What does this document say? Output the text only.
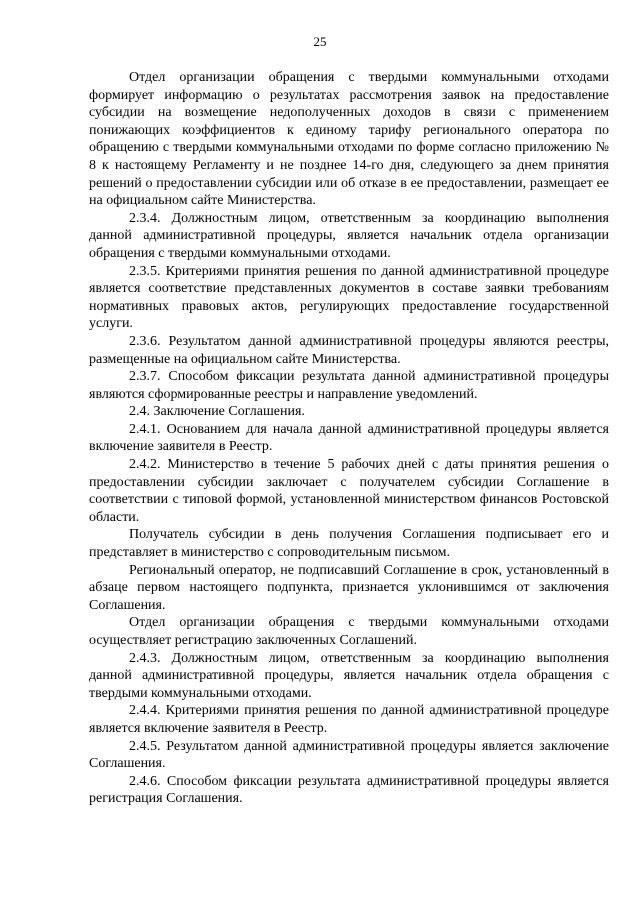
25

Отдел организации обращения с твердыми коммунальными отходами формирует информацию о результатах рассмотрения заявок на предоставление субсидии на возмещение недополученных доходов в связи с применением понижающих коэффициентов к единому тарифу регионального оператора по обращению с твердыми коммунальными отходами по форме согласно приложению № 8 к настоящему Регламенту и не позднее 14-го дня, следующего за днем принятия решений о предоставлении субсидии или об отказе в ее предоставлении, размещает ее на официальном сайте Министерства.

2.3.4. Должностным лицом, ответственным за координацию выполнения данной административной процедуры, является начальник отдела организации обращения с твердыми коммунальными отходами.

2.3.5. Критериями принятия решения по данной административной процедуре является соответствие представленных документов в составе заявки требованиям нормативных правовых актов, регулирующих предоставление государственной услуги.

2.3.6. Результатом данной административной процедуры являются реестры, размещенные на официальном сайте Министерства.

2.3.7. Способом фиксации результата данной административной процедуры являются сформированные реестры и направление уведомлений.

2.4. Заключение Соглашения.

2.4.1. Основанием для начала данной административной процедуры является включение заявителя в Реестр.

2.4.2. Министерство в течение 5 рабочих дней с даты принятия решения о предоставлении субсидии заключает с получателем субсидии Соглашение в соответствии с типовой формой, установленной министерством финансов Ростовской области.

Получатель субсидии в день получения Соглашения подписывает его и представляет в министерство с сопроводительным письмом.

Региональный оператор, не подписавший Соглашение в срок, установленный в абзаце первом настоящего подпункта, признается уклонившимся от заключения Соглашения.

Отдел организации обращения с твердыми коммунальными отходами осуществляет регистрацию заключенных Соглашений.

2.4.3. Должностным лицом, ответственным за координацию выполнения данной административной процедуры, является начальник отдела обращения с твердыми коммунальными отходами.

2.4.4. Критериями принятия решения по данной административной процедуре является включение заявителя в Реестр.

2.4.5. Результатом данной административной процедуры является заключение Соглашения.

2.4.6. Способом фиксации результата административной процедуры является регистрация Соглашения.
